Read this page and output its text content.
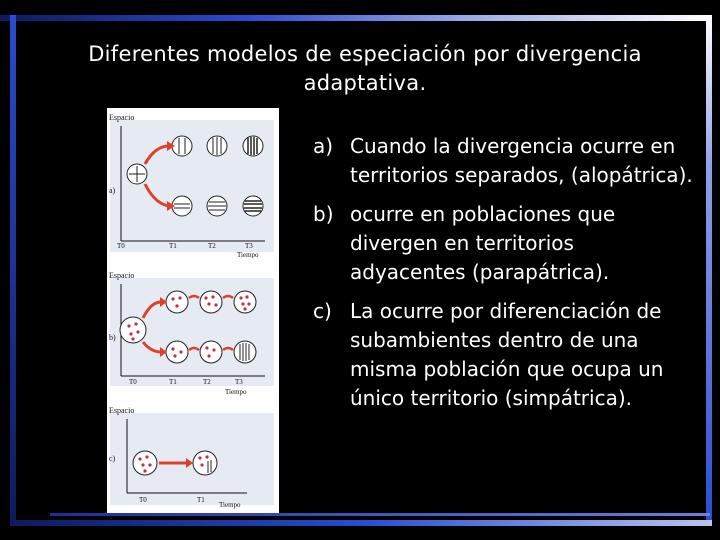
Diferentes modelos de especiación por divergencia adaptativa.
Espacio
a)
T0	T1	T2	T3
Tiempo
Espacio
b)
T0	T1	T2	T3
Tiempo
Espacio
c)
T0	T1
Tiempo
a) Cuando la divergencia ocurre en territorios separados, (alopátrica).
b) ocurre en poblaciones que divergen en territorios adyacentes (parapátrica).
c) La ocurre por diferenciación de subambientes dentro de una misma población que ocupa un único territorio (simpátrica).
